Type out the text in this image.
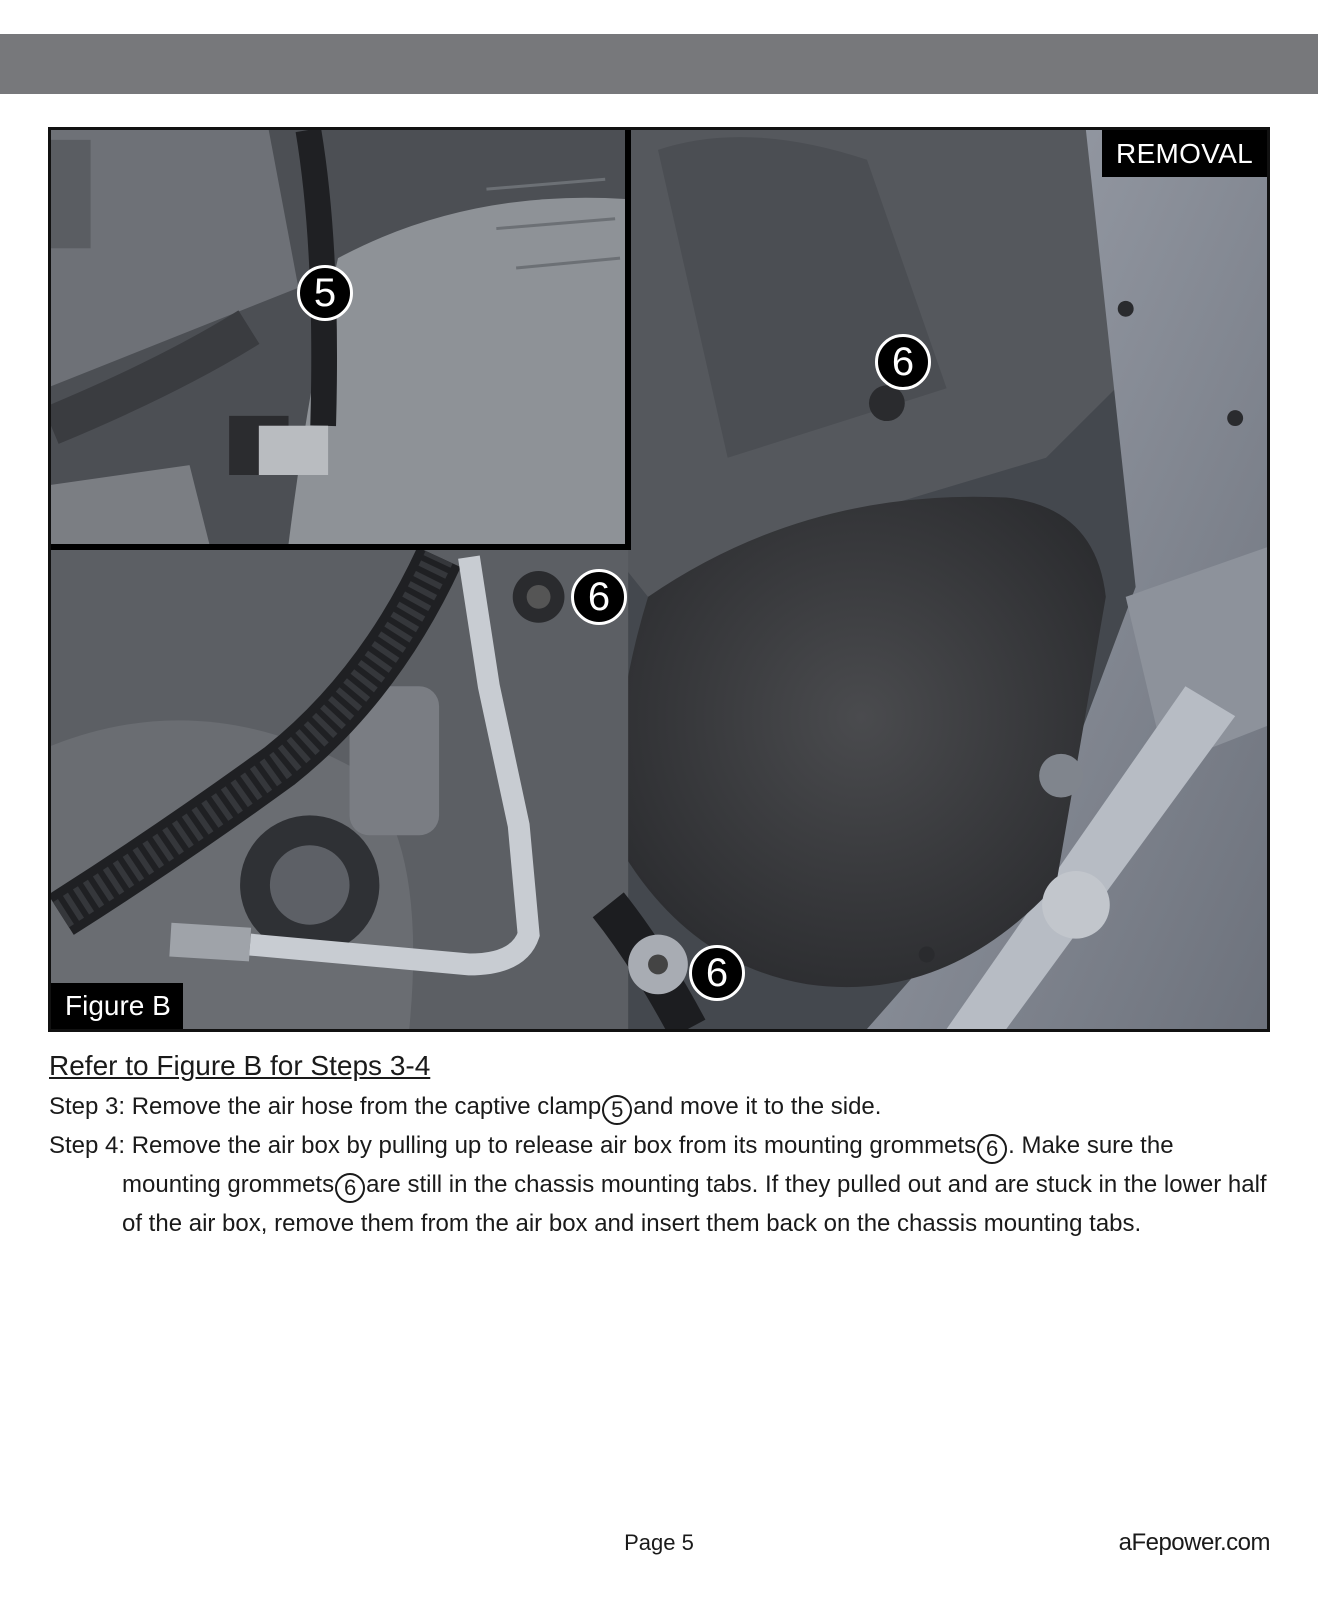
5
6
6
6
REMOVAL
Figure B
Refer to Figure B for Steps 3-4
Step 3: Remove the air hose from the captive clamp 5 and move it to the side.
Step 4: Remove the air box by pulling up to release air box from its mounting grommets 6 . Make sure the mounting grommets 6 are still in the chassis mounting tabs. If they pulled out and are stuck in the lower half of the air box, remove them from the air box and insert them back on the chassis mounting tabs.
Page 5	aFepower.com
